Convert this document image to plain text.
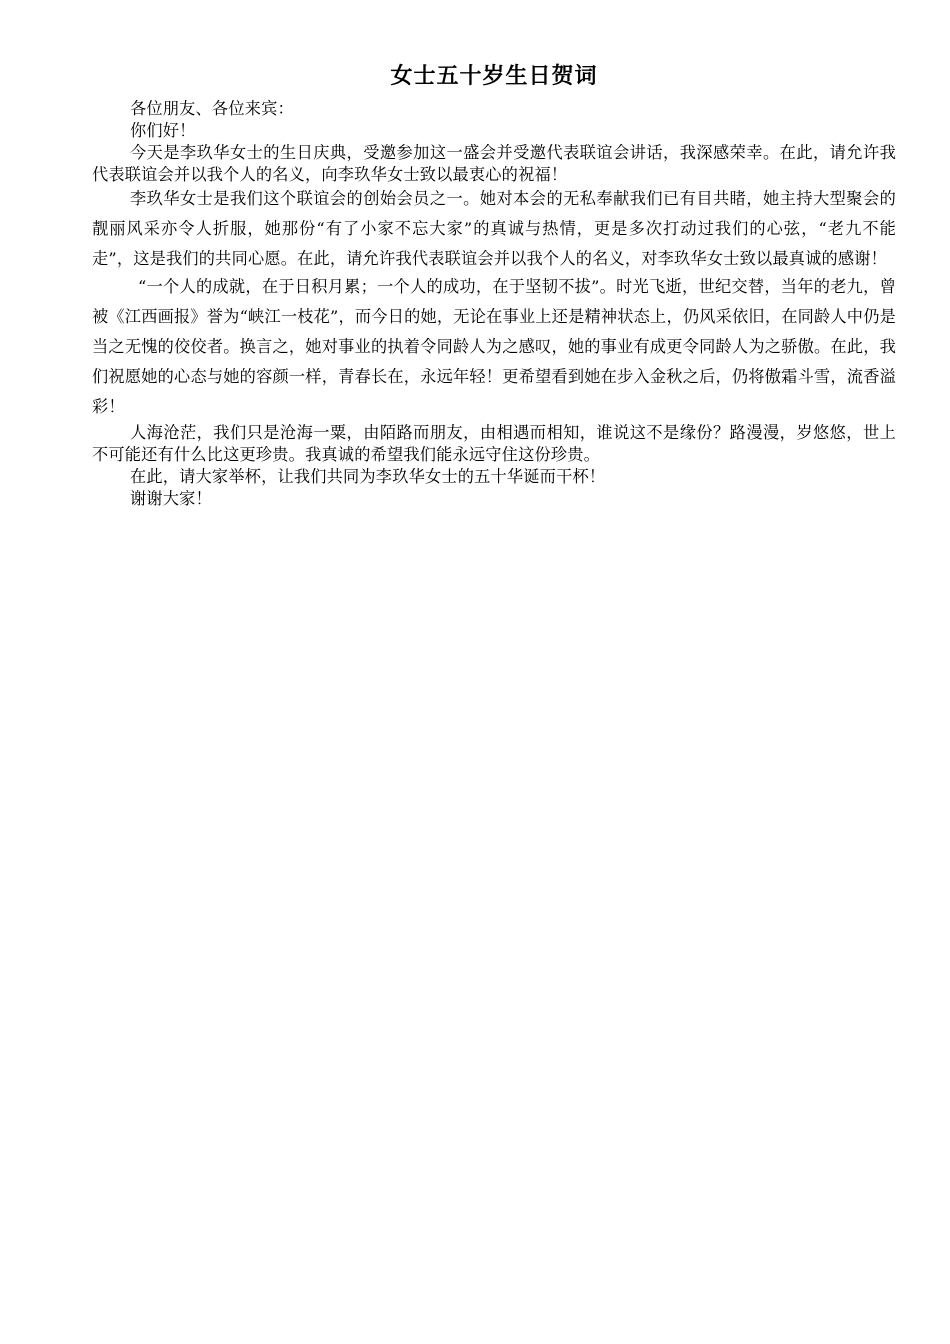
女士五十岁生日贺词

各位朋友、各位来宾：

你们好！

今天是李玖华女士的生日庆典，受邀参加这一盛会并受邀代表联谊会讲话，我深感荣幸。在此，请允许我代表联谊会并以我个人的名义，向李玖华女士致以最衷心的祝福！

李玖华女士是我们这个联谊会的创始会员之一。她对本会的无私奉献我们已有目共睹，她主持大型聚会的靓丽风采亦令人折服，她那份“有了小家不忘大家”的真诚与热情，更是多次打动过我们的心弦，“老九不能走”，这是我们的共同心愿。在此，请允许我代表联谊会并以我个人的名义，对李玖华女士致以最真诚的感谢！

“一个人的成就，在于日积月累；一个人的成功，在于坚韧不拔”。时光飞逝，世纪交替，当年的老九，曾被《江西画报》誉为“峡江一枝花”，而今日的她，无论在事业上还是精神状态上，仍风采依旧，在同龄人中仍是当之无愧的佼佼者。换言之，她对事业的执着令同龄人为之感叹，她的事业有成更令同龄人为之骄傲。在此，我们祝愿她的心态与她的容颜一样，青春长在，永远年轻！更希望看到她在步入金秋之后，仍将傲霜斗雪，流香溢彩！

人海沧茫，我们只是沧海一粟，由陌路而朋友，由相遇而相知，谁说这不是缘份？路漫漫，岁悠悠，世上不可能还有什么比这更珍贵。我真诚的希望我们能永远守住这份珍贵。

在此，请大家举杯，让我们共同为李玖华女士的五十华诞而干杯！

谢谢大家！
